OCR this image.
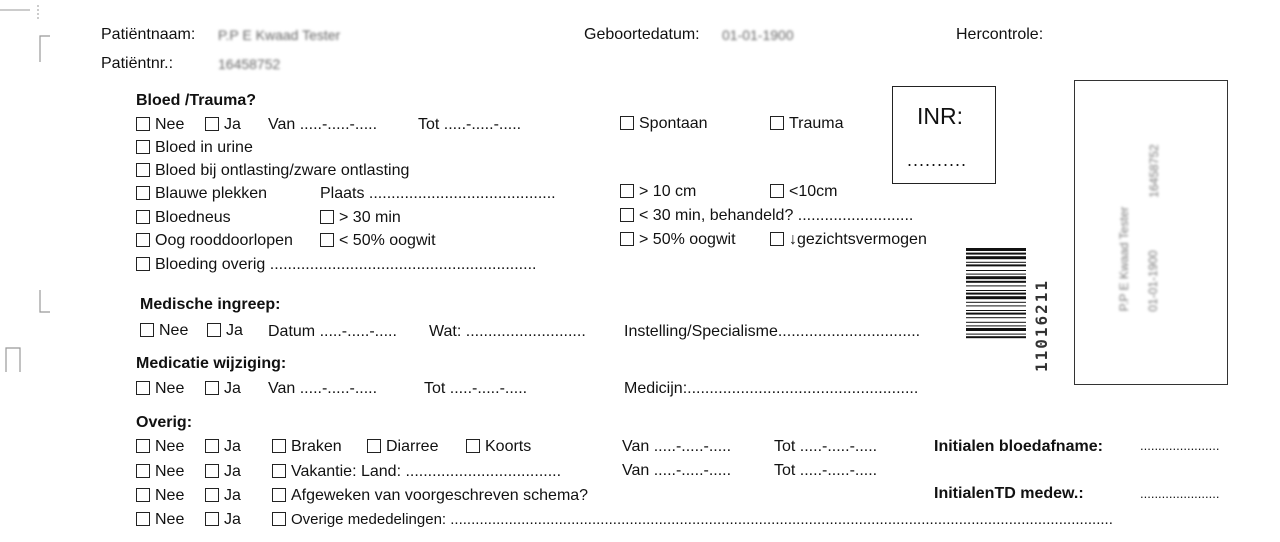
Patiëntnaam: P.P E Kwaad Tester
Patiëntnr.:	16458752
Geboortedatum: 01-01-1900	Hercontrole:
Bloed /Trauma?
Nee	Ja Van .....-.....-.....	Tot .....-.....-.....	Spontaan	Trauma
Bloed in urine
Bloed bij ontlasting/zware ontlasting
Blauwe plekken	Plaats ..........................................	> 10 cm	<10cm
Bloedneus	> 30 min	< 30 min, behandeld? ..........................
Oog rooddoorlopen	< 50% oogwit	> 50% oogwit	↓gezichtsvermogen
Bloeding overig ............................................................
INR:
..........
Medische ingreep:
Nee	Ja Datum .....-.....-..... Wat: ........................... Instelling/Specialisme................................
Medicatie wijziging:
Nee	Ja Van .....-.....-.....	Tot .....-.....-.....	Medicijn:....................................................
Overig:
Nee	Ja	Braken	Diarree	Koorts	Van .....-.....-.....	Tot .....-.....-.....	Initialen bloedafname:	......................
Nee	Ja	Vakantie: Land: ...................................	Van .....-.....-.....	Tot .....-.....-.....
Nee	Ja	Afgeweken van voorgeschreven schema?	InitialenTD medew.:	......................
Nee	Ja	Overige mededelingen: ...............................................................................................................................................................
11016211
P.P E Kwaad Tester 01-01-1900
16458752
